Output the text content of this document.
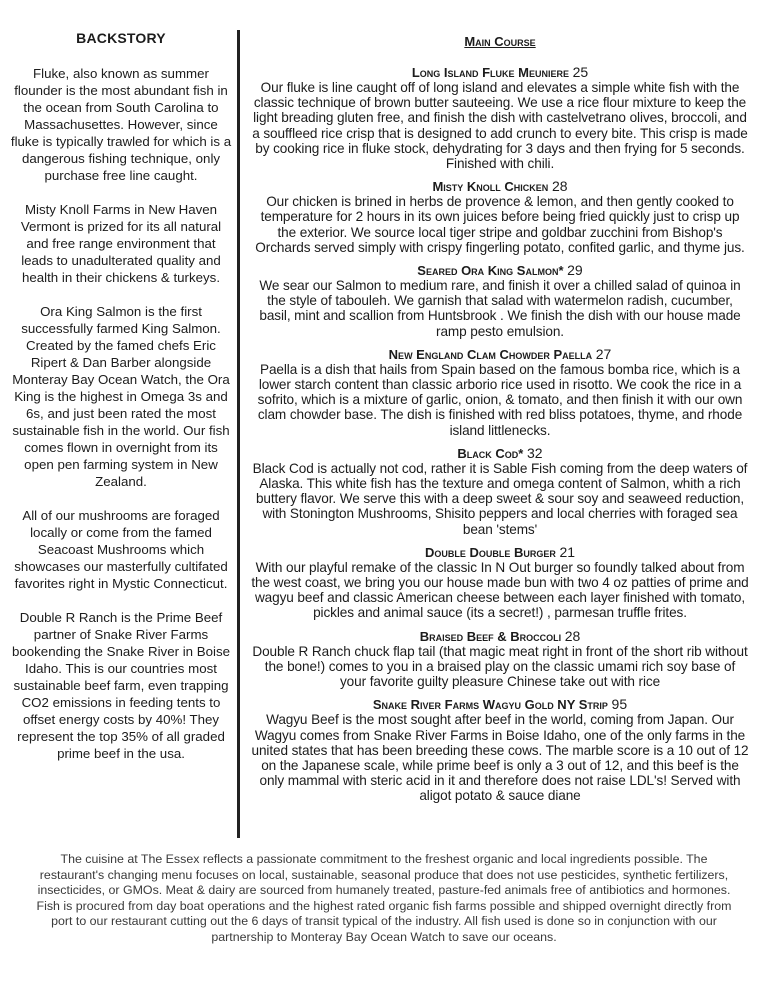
BACKSTORY

Fluke, also known as summer flounder is the most abundant fish in the ocean from South Carolina to Massachusettes. However, since fluke is typically trawled for which is a dangerous fishing technique, only purchase free line caught.

Misty Knoll Farms in New Haven Vermont is prized for its all natural and free range environment that leads to unadulterated quality and health in their chickens & turkeys.

Ora King Salmon is the first successfully farmed King Salmon. Created by the famed chefs Eric Ripert & Dan Barber alongside Monteray Bay Ocean Watch, the Ora King is the highest in Omega 3s and 6s, and just been rated the most sustainable fish in the world. Our fish comes flown in overnight from its open pen farming system in New Zealand.

All of our mushrooms are foraged locally or come from the famed Seacoast Mushrooms which showcases our masterfully cultifated favorites right in Mystic Connecticut.

Double R Ranch is the Prime Beef partner of Snake River Farms bookending the Snake River in Boise Idaho. This is our countries most sustainable beef farm, even trapping CO2 emissions in feeding tents to offset energy costs by 40%! They represent the top 35% of all graded prime beef in the usa.

Main Course
Long Island Fluke Meuniere 25
Our fluke is line caught off of long island and elevates a simple white fish with the classic technique of brown butter sauteeing. We use a rice flour mixture to keep the light breading gluten free, and finish the dish with castelvetrano olives, broccoli, and a souffleed rice crisp that is designed to add crunch to every bite. This crisp is made by cooking rice in fluke stock, dehydrating for 3 days and then frying for 5 seconds. Finished with chili.
Misty Knoll Chicken 28
Our chicken is brined in herbs de provence & lemon, and then gently cooked to temperature for 2 hours in its own juices before being fried quickly just to crisp up the exterior. We source local tiger stripe and goldbar zucchini from Bishop's Orchards served simply with crispy fingerling potato, confited garlic, and thyme jus.
Seared Ora King Salmon* 29
We sear our Salmon to medium rare, and finish it over a chilled salad of quinoa in the style of tabouleh. We garnish that salad with watermelon radish, cucumber, basil, mint and scallion from Huntsbrook . We finish the dish with our house made ramp pesto emulsion.
New England Clam Chowder Paella 27
Paella is a dish that hails from Spain based on the famous bomba rice, which is a lower starch content than classic arborio rice used in risotto. We cook the rice in a sofrito, which is a mixture of garlic, onion, & tomato, and then finish it with our own clam chowder base. The dish is finished with red bliss potatoes, thyme, and rhode island littlenecks.
Black Cod* 32
Black Cod is actually not cod, rather it is Sable Fish coming from the deep waters of Alaska. This white fish has the texture and omega content of Salmon, whith a rich buttery flavor. We serve this with a deep sweet & sour soy and seaweed reduction, with Stonington Mushrooms, Shisito peppers and local cherries with foraged sea bean 'stems'
Double Double Burger 21
With our playful remake of the classic In N Out burger so foundly talked about from the west coast, we bring you our house made bun with two 4 oz patties of prime and wagyu beef and classic American cheese between each layer finished with tomato, pickles and animal sauce (its a secret!) , parmesan truffle frites.
Braised Beef & Broccoli 28
Double R Ranch chuck flap tail (that magic meat right in front of the short rib without the bone!) comes to you in a braised play on the classic umami rich soy base of your favorite guilty pleasure Chinese take out with rice
Snake River Farms Wagyu Gold NY Strip 95
Wagyu Beef is the most sought after beef in the world, coming from Japan. Our Wagyu comes from Snake River Farms in Boise Idaho, one of the only farms in the united states that has been breeding these cows. The marble score is a 10 out of 12 on the Japanese scale, while prime beef is only a 3 out of 12, and this beef is the only mammal with steric acid in it and therefore does not raise LDL's! Served with aligot potato & sauce diane
The cuisine at The Essex reflects a passionate commitment to the freshest organic and local ingredients possible. The restaurant's changing menu focuses on local, sustainable, seasonal produce that does not use pesticides, synthetic fertilizers, insecticides, or GMOs. Meat & dairy are sourced from humanely treated, pasture-fed animals free of antibiotics and hormones. Fish is procured from day boat operations and the highest rated organic fish farms possible and shipped overnight directly from port to our restaurant cutting out the 6 days of transit typical of the industry. All fish used is done so in conjunction with our partnership to Monteray Bay Ocean Watch to save our oceans.
